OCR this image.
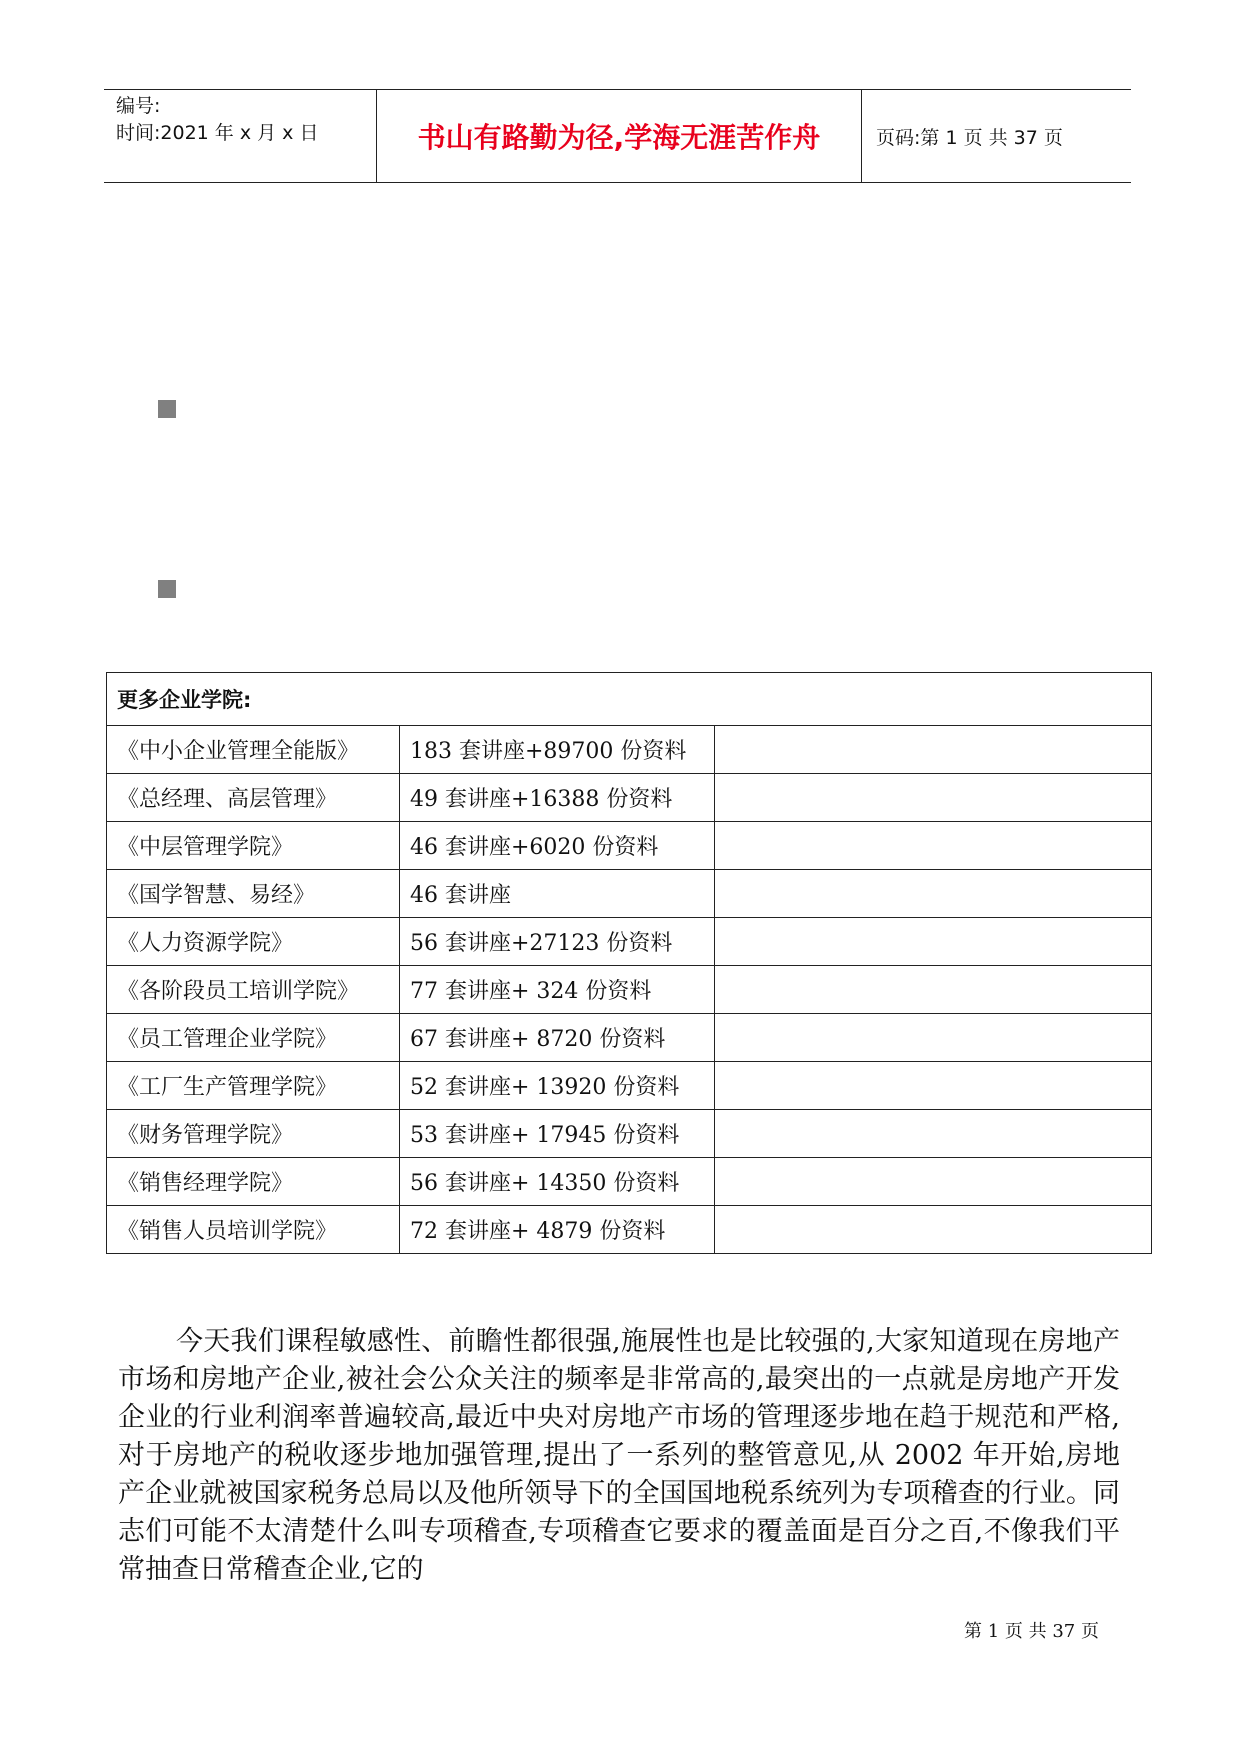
编号:
时间:2021 年 x 月 x 日	书山有路勤为径,学海无涯苦作舟	页码:第 1 页 共 37 页
更多企业学院:		
《中小企业管理全能版》	183 套讲座+89700 份资料	
《总经理、高层管理》	49 套讲座+16388 份资料	
《中层管理学院》	46 套讲座+6020 份资料	
《国学智慧、易经》	46 套讲座	
《人力资源学院》	56 套讲座+27123 份资料	
《各阶段员工培训学院》	77 套讲座+ 324 份资料	
《员工管理企业学院》	67 套讲座+ 8720 份资料	
《工厂生产管理学院》	52 套讲座+ 13920 份资料	
《财务管理学院》	53 套讲座+ 17945 份资料	
《销售经理学院》	56 套讲座+ 14350 份资料	
《销售人员培训学院》	72 套讲座+ 4879 份资料	

今天我们课程敏感性、前瞻性都很强,施展性也是比较强的,大家知道现在房地产市场和房地产企业,被社会公众关注的频率是非常高的,最突出的一点就是房地产开发企业的行业利润率普遍较高,最近中央对房地产市场的管理逐步地在趋于规范和严格,对于房地产的税收逐步地加强管理,提出了一系列的整管意见,从 2002 年开始,房地产企业就被国家税务总局以及他所领导下的全国国地税系统列为专项稽查的行业。同志们可能不太清楚什么叫专项稽查,专项稽查它要求的覆盖面是百分之百,不像我们平常抽查日常稽查企业,它的

第 1 页 共 37 页
